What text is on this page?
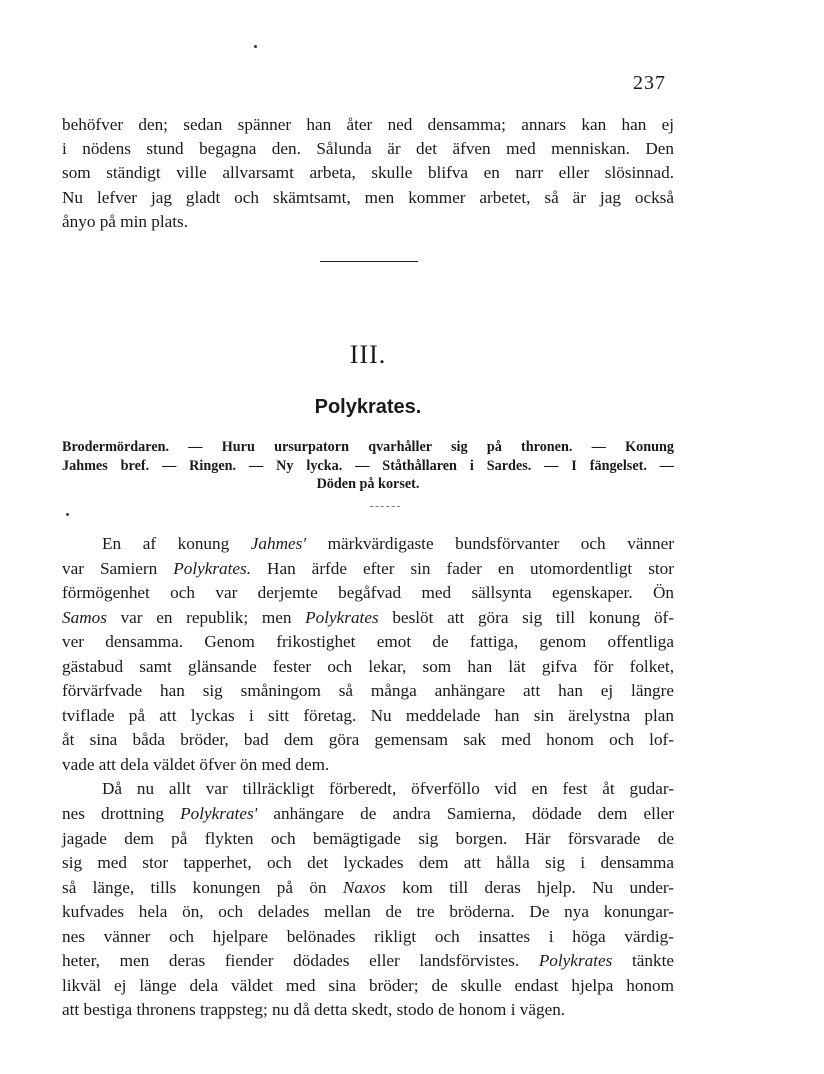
237
behöfver den; sedan spänner han åter ned densamma; annars kan han ej
i nödens stund begagna den. Sålunda är det äfven med menniskan. Den
som ständigt ville allvarsamt arbeta, skulle blifva en narr eller slösinnad.
Nu lefver jag gladt och skämtsamt, men kommer arbetet, så är jag också
ånyo på min plats.
III.
Polykrates.
Brodermördaren. — Huru ursurpatorn qvarhåller sig på thronen. — Konung
Jahmes bref. — Ringen. — Ny lycka. — Ståthållaren i Sardes. — I fängelset. —
Döden på korset.
En af konung Jahmes' märkvärdigaste bundsförvanter och vänner
var Samiern Polykrates. Han ärfde efter sin fader en utomordentligt stor
förmögenhet och var derjemte begåfvad med sällsynta egenskaper. Ön
Samos var en republik; men Polykrates beslöt att göra sig till konung öf-
ver densamma. Genom frikostighet emot de fattiga, genom offentliga
gästabud samt glänsande fester och lekar, som han lät gifva för folket,
förvärfvade han sig småningom så många anhängare att han ej längre
tviflade på att lyckas i sitt företag. Nu meddelade han sin ärelystna plan
åt sina båda bröder, bad dem göra gemensam sak med honom och lof-
vade att dela väldet öfver ön med dem.
Då nu allt var tillräckligt förberedt, öfverföllo vid en fest åt gudar-
nes drottning Polykrates' anhängare de andra Samierna, dödade dem eller
jagade dem på flykten och bemägtigade sig borgen. Här försvarade de
sig med stor tapperhet, och det lyckades dem att hålla sig i densamma
så länge, tills konungen på ön Naxos kom till deras hjelp. Nu under-
kufvades hela ön, och delades mellan de tre bröderna. De nya konungar-
nes vänner och hjelpare belönades rikligt och insattes i höga värdig-
heter, men deras fiender dödades eller landsförvistes. Polykrates tänkte
likväl ej länge dela väldet med sina bröder; de skulle endast hjelpa honom
att bestiga thronens trappsteg; nu då detta skedt, stodo de honom i vägen.
